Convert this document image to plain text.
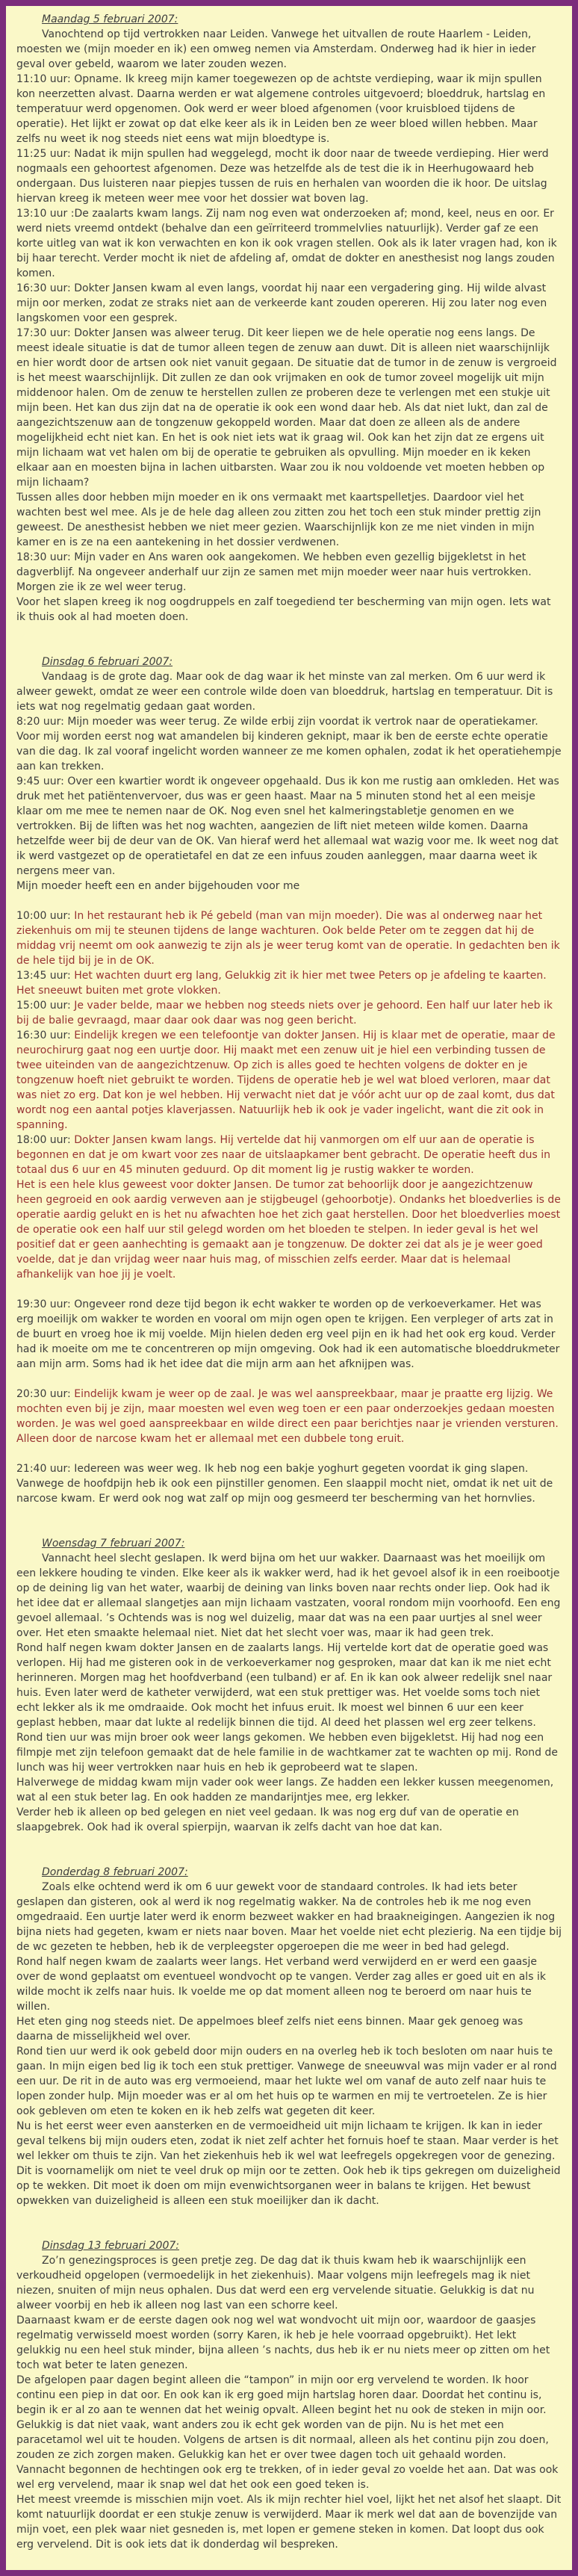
Maandag 5 februari 2007:

Vanochtend op tijd vertrokken naar Leiden. Vanwege het uitvallen de route Haarlem - Leiden, moesten we (mijn moeder en ik) een omweg nemen via Amsterdam. Onderweg had ik hier in ieder geval over gebeld, waarom we later zouden wezen.

11:10 uur: Opname. Ik kreeg mijn kamer toegewezen op de achtste verdieping, waar ik mijn spullen kon neerzetten alvast. Daarna werden er wat algemene controles uitgevoerd; bloeddruk, hartslag en temperatuur werd opgenomen. Ook werd er weer bloed afgenomen (voor kruisbloed tijdens de operatie). Het lijkt er zowat op dat elke keer als ik in Leiden ben ze weer bloed willen hebben. Maar zelfs nu weet ik nog steeds niet eens wat mijn bloedtype is.

11:25 uur: Nadat ik mijn spullen had weggelegd, mocht ik door naar de tweede verdieping. Hier werd nogmaals een gehoortest afgenomen. Deze was hetzelfde als de test die ik in Heerhugowaard heb ondergaan. Dus luisteren naar piepjes tussen de ruis en herhalen van woorden die ik hoor. De uitslag hiervan kreeg ik meteen weer mee voor het dossier wat boven lag.

13:10 uur :De zaalarts kwam langs. Zij nam nog even wat onderzoeken af; mond, keel, neus en oor. Er werd niets vreemd ontdekt (behalve dan een geïrriteerd trommelvlies natuurlijk). Verder gaf ze een korte uitleg van wat ik kon verwachten en kon ik ook vragen stellen. Ook als ik later vragen had, kon ik bij haar terecht. Verder mocht ik niet de afdeling af, omdat de dokter en anesthesist nog langs zouden komen.

16:30 uur: Dokter Jansen kwam al even langs, voordat hij naar een vergadering ging. Hij wilde alvast mijn oor merken, zodat ze straks niet aan de verkeerde kant zouden opereren. Hij zou later nog even langskomen voor een gesprek.

17:30 uur: Dokter Jansen was alweer terug. Dit keer liepen we de hele operatie nog eens langs. De meest ideale situatie is dat de tumor alleen tegen de zenuw aan duwt. Dit is alleen niet waarschijnlijk en hier wordt door de artsen ook niet vanuit gegaan. De situatie dat de tumor in de zenuw is vergroeid is het meest waarschijnlijk. Dit zullen ze dan ook vrijmaken en ook de tumor zoveel mogelijk uit mijn middenoor halen. Om de zenuw te herstellen zullen ze proberen deze te verlengen met een stukje uit mijn been. Het kan dus zijn dat na de operatie ik ook een wond daar heb. Als dat niet lukt, dan zal de aangezichtszenuw aan de tongzenuw gekoppeld worden. Maar dat doen ze alleen als de andere mogelijkheid echt niet kan. En het is ook niet iets wat ik graag wil. Ook kan het zijn dat ze ergens uit mijn lichaam wat vet halen om bij de operatie te gebruiken als opvulling. Mijn moeder en ik keken elkaar aan en moesten bijna in lachen uitbarsten. Waar zou ik nou voldoende vet moeten hebben op mijn lichaam?

Tussen alles door hebben mijn moeder en ik ons vermaakt met kaartspelletjes. Daardoor viel het wachten best wel mee. Als je de hele dag alleen zou zitten zou het toch een stuk minder prettig zijn geweest. De anesthesist hebben we niet meer gezien. Waarschijnlijk kon ze me niet vinden in mijn kamer en is ze na een aantekening in het dossier verdwenen.

18:30 uur: Mijn vader en Ans waren ook aangekomen. We hebben even gezellig bijgekletst in het dagverblijf. Na ongeveer anderhalf uur zijn ze samen met mijn moeder weer naar huis vertrokken. Morgen zie ik ze wel weer terug.

Voor het slapen kreeg ik nog oogdruppels en zalf toegediend ter bescherming van mijn ogen. Iets wat ik thuis ook al had moeten doen.

Dinsdag 6 februari 2007:

Vandaag is de grote dag. Maar ook de dag waar ik het minste van zal merken. Om 6 uur werd ik alweer gewekt, omdat ze weer een controle wilde doen van bloeddruk, hartslag en temperatuur. Dit is iets wat nog regelmatig gedaan gaat worden.

8:20 uur: Mijn moeder was weer terug. Ze wilde erbij zijn voordat ik vertrok naar de operatiekamer. Voor mij worden eerst nog wat amandelen bij kinderen geknipt, maar ik ben de eerste echte operatie van die dag. Ik zal vooraf ingelicht worden wanneer ze me komen ophalen, zodat ik het operatiehempje aan kan trekken.

9:45 uur: Over een kwartier wordt ik ongeveer opgehaald. Dus ik kon me rustig aan omkleden. Het was druk met het patiëntenvervoer, dus was er geen haast. Maar na 5 minuten stond het al een meisje klaar om me mee te nemen naar de OK. Nog even snel het kalmeringstabletje genomen en we vertrokken. Bij de liften was het nog wachten, aangezien de lift niet meteen wilde komen. Daarna hetzelfde weer bij de deur van de OK. Van hieraf werd het allemaal wat wazig voor me. Ik weet nog dat ik werd vastgezet op de operatietafel en dat ze een infuus zouden aanleggen, maar daarna weet ik nergens meer van.

Mijn moeder heeft een en ander bijgehouden voor me

10:00 uur: In het restaurant heb ik Pé gebeld (man van mijn moeder). Die was al onderweg naar het ziekenhuis om mij te steunen tijdens de lange wachturen. Ook belde Peter om te zeggen dat hij de middag vrij neemt om ook aanwezig te zijn als je weer terug komt van de operatie. In gedachten ben ik de hele tijd bij je in de OK.

13:45 uur: Het wachten duurt erg lang, Gelukkig zit ik hier met twee Peters op je afdeling te kaarten. Het sneeuwt buiten met grote vlokken.

15:00 uur: Je vader belde, maar we hebben nog steeds niets over je gehoord. Een half uur later heb ik bij de balie gevraagd, maar daar ook daar was nog geen bericht.

16:30 uur: Eindelijk kregen we een telefoontje van dokter Jansen. Hij is klaar met de operatie, maar de neurochirurg gaat nog een uurtje door. Hij maakt met een zenuw uit je hiel een verbinding tussen de twee uiteinden van de aangezichtzenuw. Op zich is alles goed te hechten volgens de dokter en je tongzenuw hoeft niet gebruikt te worden. Tijdens de operatie heb je wel wat bloed verloren, maar dat was niet zo erg. Dat kon je wel hebben. Hij verwacht niet dat je vóór acht uur op de zaal komt, dus dat wordt nog een aantal potjes klaverjassen. Natuurlijk heb ik ook je vader ingelicht, want die zit ook in spanning.

18:00 uur: Dokter Jansen kwam langs. Hij vertelde dat hij vanmorgen om elf uur aan de operatie is begonnen en dat je om kwart voor zes naar de uitslaapkamer bent gebracht. De operatie heeft dus in totaal dus 6 uur en 45 minuten geduurd. Op dit moment lig je rustig wakker te worden.

Het is een hele klus geweest voor dokter Jansen. De tumor zat behoorlijk door je aangezichtzenuw heen gegroeid en ook aardig verweven aan je stijgbeugel (gehoorbotje). Ondanks het bloedverlies is de operatie aardig gelukt en is het nu afwachten hoe het zich gaat herstellen. Door het bloedverlies moest de operatie ook een half uur stil gelegd worden om het bloeden te stelpen. In ieder geval is het wel positief dat er geen aanhechting is gemaakt aan je tongzenuw. De dokter zei dat als je je weer goed voelde, dat je dan vrijdag weer naar huis mag, of misschien zelfs eerder. Maar dat is helemaal afhankelijk van hoe jij je voelt.

19:30 uur: Ongeveer rond deze tijd begon ik echt wakker te worden op de verkoeverkamer. Het was erg moeilijk om wakker te worden en vooral om mijn ogen open te krijgen. Een verpleger of arts zat in de buurt en vroeg hoe ik mij voelde. Mijn hielen deden erg veel pijn en ik had het ook erg koud. Verder had ik moeite om me te concentreren op mijn omgeving. Ook had ik een automatische bloeddrukmeter aan mijn arm. Soms had ik het idee dat die mijn arm aan het afknijpen was.

20:30 uur: Eindelijk kwam je weer op de zaal. Je was wel aanspreekbaar, maar je praatte erg lijzig. We mochten even bij je zijn, maar moesten wel even weg toen er een paar onderzoekjes gedaan moesten worden. Je was wel goed aanspreekbaar en wilde direct een paar berichtjes naar je vrienden versturen. Alleen door de narcose kwam het er allemaal met een dubbele tong eruit.

21:40 uur: Iedereen was weer weg. Ik heb nog een bakje yoghurt gegeten voordat ik ging slapen. Vanwege de hoofdpijn heb ik ook een pijnstiller genomen. Een slaappil mocht niet, omdat ik net uit de narcose kwam. Er werd ook nog wat zalf op mijn oog gesmeerd ter bescherming van het hornvlies.

Woensdag 7 februari 2007:

Vannacht heel slecht geslapen. Ik werd bijna om het uur wakker. Daarnaast was het moeilijk om een lekkere houding te vinden. Elke keer als ik wakker werd, had ik het gevoel alsof ik in een roeibootje op de deining lig van het water, waarbij de deining van links boven naar rechts onder liep. Ook had ik het idee dat er allemaal slangetjes aan mijn lichaam vastzaten, vooral rondom mijn voorhoofd. Een eng gevoel allemaal. ’s Ochtends was is nog wel duizelig, maar dat was na een paar uurtjes al snel weer over. Het eten smaakte helemaal niet. Niet dat het slecht voer was, maar ik had geen trek.

Rond half negen kwam dokter Jansen en de zaalarts langs. Hij vertelde kort dat de operatie goed was verlopen. Hij had me gisteren ook in de verkoeverkamer nog gesproken, maar dat kan ik me niet echt herinneren. Morgen mag het hoofdverband (een tulband) er af. En ik kan ook alweer redelijk snel naar huis. Even later werd de katheter verwijderd, wat een stuk prettiger was. Het voelde soms toch niet echt lekker als ik me omdraaide. Ook mocht het infuus eruit. Ik moest wel binnen 6 uur een keer geplast hebben, maar dat lukte al redelijk binnen die tijd. Al deed het plassen wel erg zeer telkens.

Rond tien uur was mijn broer ook weer langs gekomen. We hebben even bijgekletst. Hij had nog een filmpje met zijn telefoon gemaakt dat de hele familie in de wachtkamer zat te wachten op mij. Rond de lunch was hij weer vertrokken naar huis en heb ik geprobeerd wat te slapen.

Halverwege de middag kwam mijn vader ook weer langs. Ze hadden een lekker kussen meegenomen, wat al een stuk beter lag. En ook hadden ze mandarijntjes mee, erg lekker.

Verder heb ik alleen op bed gelegen en niet veel gedaan. Ik was nog erg duf van de operatie en slaapgebrek. Ook had ik overal spierpijn, waarvan ik zelfs dacht van hoe dat kan.

Donderdag 8 februari 2007:

Zoals elke ochtend werd ik om 6 uur gewekt voor de standaard controles. Ik had iets beter geslapen dan gisteren, ook al werd ik nog regelmatig wakker. Na de controles heb ik me nog even omgedraaid. Een uurtje later werd ik enorm bezweet wakker en had braakneigingen. Aangezien ik nog bijna niets had gegeten, kwam er niets naar boven. Maar het voelde niet echt plezierig. Na een tijdje bij de wc gezeten te hebben, heb ik de verpleegster opgeroepen die me weer in bed had gelegd.

Rond half negen kwam de zaalarts weer langs. Het verband werd verwijderd en er werd een gaasje over de wond geplaatst om eventueel wondvocht op te vangen. Verder zag alles er goed uit en als ik wilde mocht ik zelfs naar huis. Ik voelde me op dat moment alleen nog te beroerd om naar huis te willen.

Het eten ging nog steeds niet. De appelmoes bleef zelfs niet eens binnen. Maar gek genoeg was daarna de misselijkheid wel over.

Rond tien uur werd ik ook gebeld door mijn ouders en na overleg heb ik toch besloten om naar huis te gaan. In mijn eigen bed lig ik toch een stuk prettiger. Vanwege de sneeuwval was mijn vader er al rond een uur. De rit in de auto was erg vermoeiend, maar het lukte wel om vanaf de auto zelf naar huis te lopen zonder hulp. Mijn moeder was er al om het huis op te warmen en mij te vertroetelen. Ze is hier ook gebleven om eten te koken en ik heb zelfs wat gegeten dit keer.

Nu is het eerst weer even aansterken en de vermoeidheid uit mijn lichaam te krijgen. Ik kan in ieder geval telkens bij mijn ouders eten, zodat ik niet zelf achter het fornuis hoef te staan. Maar verder is het wel lekker om thuis te zijn. Van het ziekenhuis heb ik wel wat leefregels opgekregen voor de genezing. Dit is voornamelijk om niet te veel druk op mijn oor te zetten. Ook heb ik tips gekregen om duizeligheid op te wekken. Dit moet ik doen om mijn evenwichtsorganen weer in balans te krijgen. Het bewust opwekken van duizeligheid is alleen een stuk moeilijker dan ik dacht.

Dinsdag 13 februari 2007:

Zo’n genezingsproces is geen pretje zeg. De dag dat ik thuis kwam heb ik waarschijnlijk een verkoudheid opgelopen (vermoedelijk in het ziekenhuis). Maar volgens mijn leefregels mag ik niet niezen, snuiten of mijn neus ophalen. Dus dat werd een erg vervelende situatie. Gelukkig is dat nu alweer voorbij en heb ik alleen nog last van een schorre keel.

Daarnaast kwam er de eerste dagen ook nog wel wat wondvocht uit mijn oor, waardoor de gaasjes regelmatig verwisseld moest worden (sorry Karen, ik heb je hele voorraad opgebruikt). Het lekt gelukkig nu een heel stuk minder, bijna alleen ’s nachts, dus heb ik er nu niets meer op zitten om het toch wat beter te laten genezen.

De afgelopen paar dagen begint alleen die “tampon” in mijn oor erg vervelend te worden. Ik hoor continu een piep in dat oor. En ook kan ik erg goed mijn hartslag horen daar. Doordat het continu is, begin ik er al zo aan te wennen dat het weinig opvalt. Alleen begint het nu ook de steken in mijn oor. Gelukkig is dat niet vaak, want anders zou ik echt gek worden van de pijn. Nu is het met een paracetamol wel uit te houden. Volgens de artsen is dit normaal, alleen als het continu pijn zou doen, zouden ze zich zorgen maken. Gelukkig kan het er over twee dagen toch uit gehaald worden.

Vannacht begonnen de hechtingen ook erg te trekken, of in ieder geval zo voelde het aan. Dat was ook wel erg vervelend, maar ik snap wel dat het ook een goed teken is.

Het meest vreemde is misschien mijn voet. Als ik mijn rechter hiel voel, lijkt het net alsof het slaapt. Dit komt natuurlijk doordat er een stukje zenuw is verwijderd. Maar ik merk wel dat aan de bovenzijde van mijn voet, een plek waar niet gesneden is, met lopen er gemene steken in komen. Dat loopt dus ook erg vervelend. Dit is ook iets dat ik donderdag wil bespreken.
